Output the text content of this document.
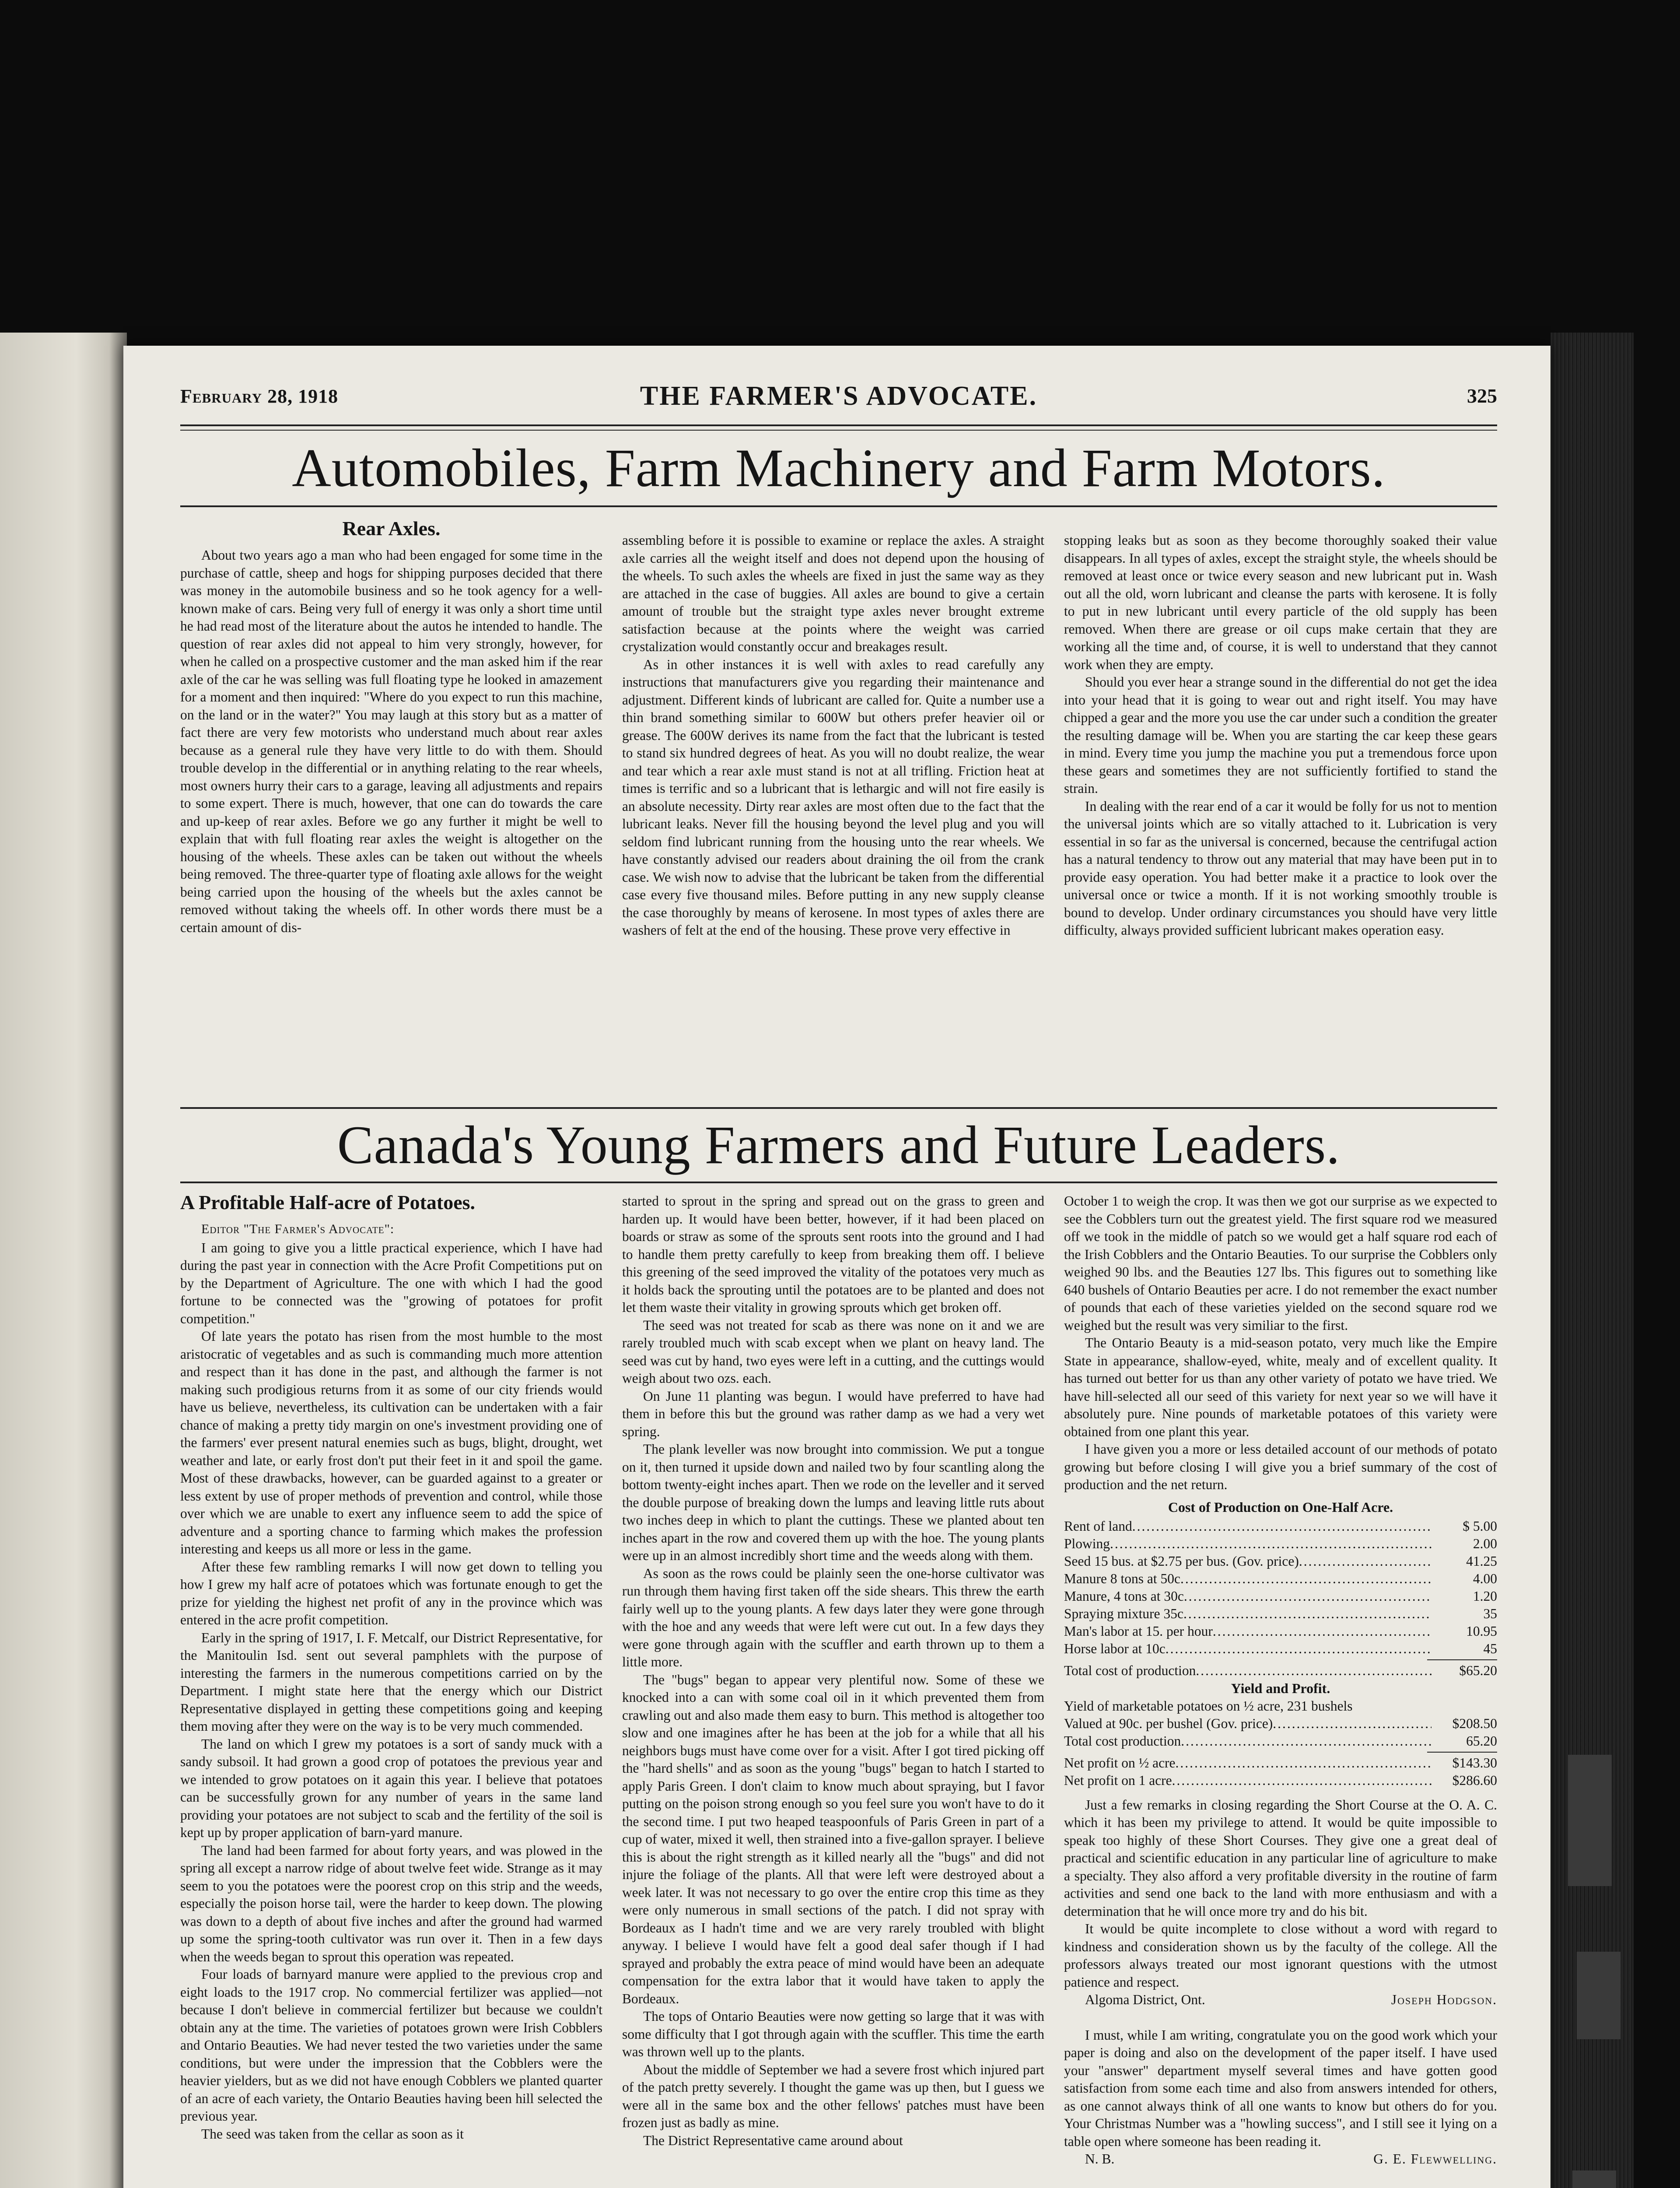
February 28, 1918	THE FARMER'S ADVOCATE.	325
Automobiles, Farm Machinery and Farm Motors.
Rear Axles.

About two years ago a man who had been engaged for some time in the purchase of cattle, sheep and hogs for shipping purposes decided that there was money in the automobile business and so he took agency for a well-known make of cars. Being very full of energy it was only a short time until he had read most of the literature about the autos he intended to handle. The question of rear axles did not appeal to him very strongly, however, for when he called on a prospective customer and the man asked him if the rear axle of the car he was selling was full floating type he looked in amazement for a moment and then inquired: "Where do you expect to run this machine, on the land or in the water?" You may laugh at this story but as a matter of fact there are very few motorists who understand much about rear axles because as a general rule they have very little to do with them. Should trouble develop in the differential or in anything relating to the rear wheels, most owners hurry their cars to a garage, leaving all adjustments and repairs to some expert. There is much, however, that one can do towards the care and up-keep of rear axles. Before we go any further it might be well to explain that with full floating rear axles the weight is altogether on the housing of the wheels. These axles can be taken out without the wheels being removed. The three-quarter type of floating axle allows for the weight being carried upon the housing of the wheels but the axles cannot be removed without taking the wheels off. In other words there must be a certain amount of dis-

assembling before it is possible to examine or replace the axles. A straight axle carries all the weight itself and does not depend upon the housing of the wheels. To such axles the wheels are fixed in just the same way as they are attached in the case of buggies. All axles are bound to give a certain amount of trouble but the straight type axles never brought extreme satisfaction because at the points where the weight was carried crystalization would constantly occur and breakages result.

As in other instances it is well with axles to read carefully any instructions that manufacturers give you regarding their maintenance and adjustment. Different kinds of lubricant are called for. Quite a number use a thin brand something similar to 600W but others prefer heavier oil or grease. The 600W derives its name from the fact that the lubricant is tested to stand six hundred degrees of heat. As you will no doubt realize, the wear and tear which a rear axle must stand is not at all trifling. Friction heat at times is terrific and so a lubricant that is lethargic and will not fire easily is an absolute necessity. Dirty rear axles are most often due to the fact that the lubricant leaks. Never fill the housing beyond the level plug and you will seldom find lubricant running from the housing unto the rear wheels. We have constantly advised our readers about draining the oil from the crank case. We wish now to advise that the lubricant be taken from the differential case every five thousand miles. Before putting in any new supply cleanse the case thoroughly by means of kerosene. In most types of axles there are washers of felt at the end of the housing. These prove very effective in

stopping leaks but as soon as they become thoroughly soaked their value disappears. In all types of axles, except the straight style, the wheels should be removed at least once or twice every season and new lubricant put in. Wash out all the old, worn lubricant and cleanse the parts with kerosene. It is folly to put in new lubricant until every particle of the old supply has been removed. When there are grease or oil cups make certain that they are working all the time and, of course, it is well to understand that they cannot work when they are empty.

Should you ever hear a strange sound in the differential do not get the idea into your head that it is going to wear out and right itself. You may have chipped a gear and the more you use the car under such a condition the greater the resulting damage will be. When you are starting the car keep these gears in mind. Every time you jump the machine you put a tremendous force upon these gears and sometimes they are not sufficiently fortified to stand the strain.

In dealing with the rear end of a car it would be folly for us not to mention the universal joints which are so vitally attached to it. Lubrication is very essential in so far as the universal is concerned, because the centrifugal action has a natural tendency to throw out any material that may have been put in to provide easy operation. You had better make it a practice to look over the universal once or twice a month. If it is not working smoothly trouble is bound to develop. Under ordinary circumstances you should have very little difficulty, always provided sufficient lubricant makes operation easy.

Canada's Young Farmers and Future Leaders.
A Profitable Half-acre of Potatoes.
Editor "The Farmer's Advocate":

I am going to give you a little practical experience, which I have had during the past year in connection with the Acre Profit Competitions put on by the Department of Agriculture. The one with which I had the good fortune to be connected was the "growing of potatoes for profit competition."

Of late years the potato has risen from the most humble to the most aristocratic of vegetables and as such is commanding much more attention and respect than it has done in the past, and although the farmer is not making such prodigious returns from it as some of our city friends would have us believe, nevertheless, its cultivation can be undertaken with a fair chance of making a pretty tidy margin on one's investment providing one of the farmers' ever present natural enemies such as bugs, blight, drought, wet weather and late, or early frost don't put their feet in it and spoil the game. Most of these drawbacks, however, can be guarded against to a greater or less extent by use of proper methods of prevention and control, while those over which we are unable to exert any influence seem to add the spice of adventure and a sporting chance to farming which makes the profession interesting and keeps us all more or less in the game.

After these few rambling remarks I will now get down to telling you how I grew my half acre of potatoes which was fortunate enough to get the prize for yielding the highest net profit of any in the province which was entered in the acre profit competition.

Early in the spring of 1917, I. F. Metcalf, our District Representative, for the Manitoulin Isd. sent out several pamphlets with the purpose of interesting the farmers in the numerous competitions carried on by the Department. I might state here that the energy which our District Representative displayed in getting these competitions going and keeping them moving after they were on the way is to be very much commended.

The land on which I grew my potatoes is a sort of sandy muck with a sandy subsoil. It had grown a good crop of potatoes the previous year and we intended to grow potatoes on it again this year. I believe that potatoes can be successfully grown for any number of years in the same land providing your potatoes are not subject to scab and the fertility of the soil is kept up by proper application of barn-yard manure.

The land had been farmed for about forty years, and was plowed in the spring all except a narrow ridge of about twelve feet wide. Strange as it may seem to you the potatoes were the poorest crop on this strip and the weeds, especially the poison horse tail, were the harder to keep down. The plowing was down to a depth of about five inches and after the ground had warmed up some the spring-tooth cultivator was run over it. Then in a few days when the weeds began to sprout this operation was repeated.

Four loads of barnyard manure were applied to the previous crop and eight loads to the 1917 crop. No commercial fertilizer was applied—not because I don't believe in commercial fertilizer but because we couldn't obtain any at the time. The varieties of potatoes grown were Irish Cobblers and Ontario Beauties. We had never tested the two varieties under the same conditions, but were under the impression that the Cobblers were the heavier yielders, but as we did not have enough Cobblers we planted quarter of an acre of each variety, the Ontario Beauties having been hill selected the previous year.

The seed was taken from the cellar as soon as it

started to sprout in the spring and spread out on the grass to green and harden up. It would have been better, however, if it had been placed on boards or straw as some of the sprouts sent roots into the ground and I had to handle them pretty carefully to keep from breaking them off. I believe this greening of the seed improved the vitality of the potatoes very much as it holds back the sprouting until the potatoes are to be planted and does not let them waste their vitality in growing sprouts which get broken off.

The seed was not treated for scab as there was none on it and we are rarely troubled much with scab except when we plant on heavy land. The seed was cut by hand, two eyes were left in a cutting, and the cuttings would weigh about two ozs. each.

On June 11 planting was begun. I would have preferred to have had them in before this but the ground was rather damp as we had a very wet spring.

The plank leveller was now brought into commission. We put a tongue on it, then turned it upside down and nailed two by four scantling along the bottom twenty-eight inches apart. Then we rode on the leveller and it served the double purpose of breaking down the lumps and leaving little ruts about two inches deep in which to plant the cuttings. These we planted about ten inches apart in the row and covered them up with the hoe. The young plants were up in an almost incredibly short time and the weeds along with them.

As soon as the rows could be plainly seen the one-horse cultivator was run through them having first taken off the side shears. This threw the earth fairly well up to the young plants. A few days later they were gone through with the hoe and any weeds that were left were cut out. In a few days they were gone through again with the scuffler and earth thrown up to them a little more.

The "bugs" began to appear very plentiful now. Some of these we knocked into a can with some coal oil in it which prevented them from crawling out and also made them easy to burn. This method is altogether too slow and one imagines after he has been at the job for a while that all his neighbors bugs must have come over for a visit. After I got tired picking off the "hard shells" and as soon as the young "bugs" began to hatch I started to apply Paris Green. I don't claim to know much about spraying, but I favor putting on the poison strong enough so you feel sure you won't have to do it the second time. I put two heaped teaspoonfuls of Paris Green in part of a cup of water, mixed it well, then strained into a five-gallon sprayer. I believe this is about the right strength as it killed nearly all the "bugs" and did not injure the foliage of the plants. All that were left were destroyed about a week later. It was not necessary to go over the entire crop this time as they were only numerous in small sections of the patch. I did not spray with Bordeaux as I hadn't time and we are very rarely troubled with blight anyway. I believe I would have felt a good deal safer though if I had sprayed and probably the extra peace of mind would have been an adequate compensation for the extra labor that it would have taken to apply the Bordeaux.

The tops of Ontario Beauties were now getting so large that it was with some difficulty that I got through again with the scuffler. This time the earth was thrown well up to the plants.

About the middle of September we had a severe frost which injured part of the patch pretty severely. I thought the game was up then, but I guess we were all in the same box and the other fellows' patches must have been frozen just as badly as mine.

The District Representative came around about

October 1 to weigh the crop. It was then we got our surprise as we expected to see the Cobblers turn out the greatest yield. The first square rod we measured off we took in the middle of patch so we would get a half square rod each of the Irish Cobblers and the Ontario Beauties. To our surprise the Cobblers only weighed 90 lbs. and the Beauties 127 lbs. This figures out to something like 640 bushels of Ontario Beauties per acre. I do not remember the exact number of pounds that each of these varieties yielded on the second square rod we weighed but the result was very similiar to the first.

The Ontario Beauty is a mid-season potato, very much like the Empire State in appearance, shallow-eyed, white, mealy and of excellent quality. It has turned out better for us than any other variety of potato we have tried. We have hill-selected all our seed of this variety for next year so we will have it absolutely pure. Nine pounds of marketable potatoes of this variety were obtained from one plant this year.

I have given you a more or less detailed account of our methods of potato growing but before closing I will give you a brief summary of the cost of production and the net return.

Cost of Production on One-Half Acre.
Rent of land .....	$ 5.00
Plowing .....	2.00
Seed 15 bus. at $2.75 per bus. (Gov. price) .....	41.25
Manure 8 tons at 50c .....	4.00
Manure, 4 tons at 30c .....	1.20
Spraying mixture 35c .....	35
Man's labor at 15. per hour .....	10.95
Horse labor at 10c .....	45
Total cost of production .....	$65.20
Yield and Profit.
Yield of marketable potatoes on ½ acre, 231 bushels
Valued at 90c. per bushel (Gov. price) .....	$208.50
Total cost production .....	65.20
Net profit on ½ acre .....	$143.30
Net profit on 1 acre .....	$286.60

Just a few remarks in closing regarding the Short Course at the O. A. C. which it has been my privilege to attend. It would be quite impossible to speak too highly of these Short Courses. They give one a great deal of practical and scientific education in any particular line of agriculture to make a specialty. They also afford a very profitable diversity in the routine of farm activities and send one back to the land with more enthusiasm and with a determination that he will once more try and do his bit.

It would be quite incomplete to close without a word with regard to kindness and consideration shown us by the faculty of the college. All the professors always treated our most ignorant questions with the utmost patience and respect.

Algoma District, Ont.	Joseph Hodgson.

I must, while I am writing, congratulate you on the good work which your paper is doing and also on the development of the paper itself. I have used your "answer" department myself several times and have gotten good satisfaction from some each time and also from answers intended for others, as one cannot always think of all one wants to know but others do for you. Your Christmas Number was a "howling success", and I still see it lying on a table open where someone has been reading it.

N. B.	G. E. Flewwelling.
